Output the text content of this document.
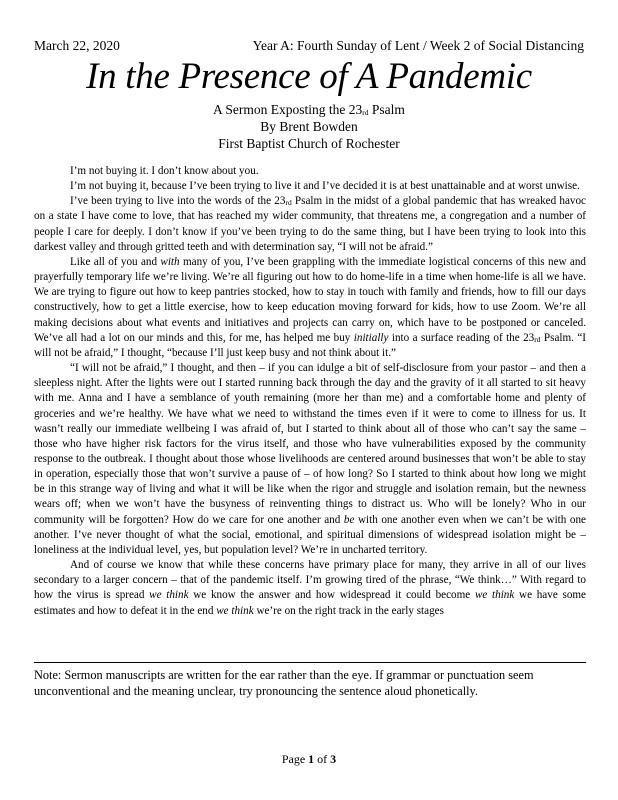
March 22, 2020	Year A: Fourth Sunday of Lent / Week 2 of Social Distancing
In the Presence of A Pandemic
A Sermon Exposting the $23_{rd}$ Psalm
By Brent Bowden
First Baptist Church of Rochester

I’m not buying it. I don’t know about you.

I’m not buying it, because I’ve been trying to live it and I’ve decided it is at best unattainable and at worst unwise.

I’ve been trying to live into the words of the $23_{rd}$ Psalm in the midst of a global pandemic that has wreaked havoc on a state I have come to love, that has reached my wider community, that threatens me, a congregation and a number of people I care for deeply. I don’t know if you’ve been trying to do the same thing, but I have been trying to look into this darkest valley and through gritted teeth and with determination say, “I will not be afraid.”

Like all of you and with many of you, I’ve been grappling with the immediate logistical concerns of this new and prayerfully temporary life we’re living. We’re all figuring out how to do home-life in a time when home-life is all we have. We are trying to figure out how to keep pantries stocked, how to stay in touch with family and friends, how to fill our days constructively, how to get a little exercise, how to keep education moving forward for kids, how to use Zoom. We’re all making decisions about what events and initiatives and projects can carry on, which have to be postponed or canceled. We’ve all had a lot on our minds and this, for me, has helped me buy initially into a surface reading of the $23_{rd}$ Psalm. “I will not be afraid,” I thought, “because I’ll just keep busy and not think about it.”

“I will not be afraid,” I thought, and then – if you can idulge a bit of self-disclosure from your pastor – and then a sleepless night. After the lights were out I started running back through the day and the gravity of it all started to sit heavy with me. Anna and I have a semblance of youth remaining (more her than me) and a comfortable home and plenty of groceries and we’re healthy. We have what we need to withstand the times even if it were to come to illness for us. It wasn’t really our immediate wellbeing I was afraid of, but I started to think about all of those who can’t say the same – those who have higher risk factors for the virus itself, and those who have vulnerabilities exposed by the community response to the outbreak. I thought about those whose livelihoods are centered around businesses that won’t be able to stay in operation, especially those that won’t survive a pause of – of how long? So I started to think about how long we might be in this strange way of living and what it will be like when the rigor and struggle and isolation remain, but the newness wears off; when we won’t have the busyness of reinventing things to distract us. Who will be lonely? Who in our community will be forgotten? How do we care for one another and be with one another even when we can’t be with one another. I’ve never thought of what the social, emotional, and spiritual dimensions of widespread isolation might be – loneliness at the individual level, yes, but population level? We’re in uncharted territory.

And of course we know that while these concerns have primary place for many, they arrive in all of our lives secondary to a larger concern – that of the pandemic itself. I’m growing tired of the phrase, “We think…” With regard to how the virus is spread we think we know the answer and how widespread it could become we think we have some estimates and how to defeat it in the end we think we’re on the right track in the early stages

Note: Sermon manuscripts are written for the ear rather than the eye. If grammar or punctuation seem unconventional and the meaning unclear, try pronouncing the sentence aloud phonetically.
Page 1 of 3
